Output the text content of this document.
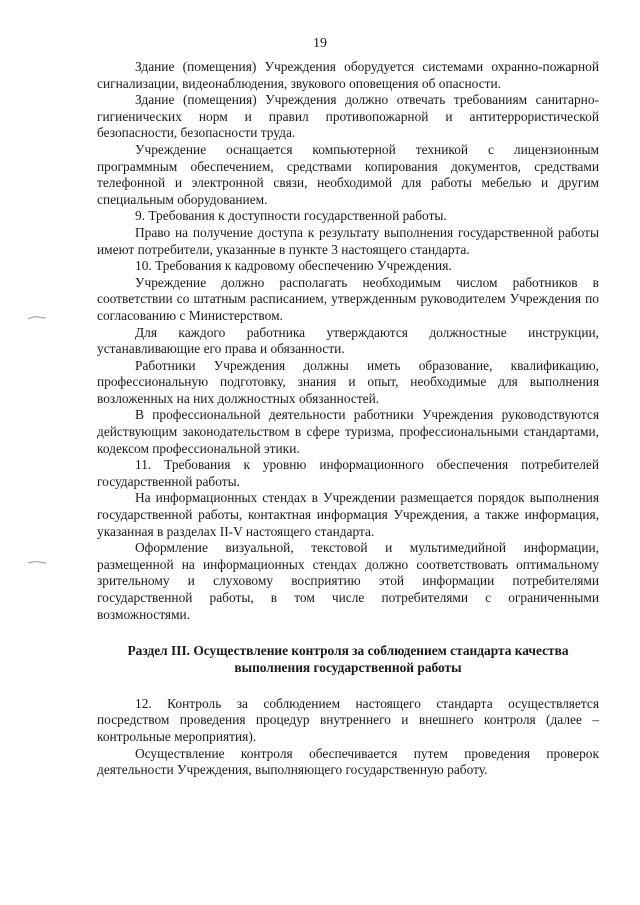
19

Здание (помещения) Учреждения оборудуется системами охранно-пожарной сигнализации, видеонаблюдения, звукового оповещения об опасности.

Здание (помещения) Учреждения должно отвечать требованиям санитарно-гигиенических норм и правил противопожарной и антитеррористической безопасности, безопасности труда.

Учреждение оснащается компьютерной техникой с лицензионным программным обеспечением, средствами копирования документов, средствами телефонной и электронной связи, необходимой для работы мебелью и другим специальным оборудованием.

9. Требования к доступности государственной работы.

Право на получение доступа к результату выполнения государственной работы имеют потребители, указанные в пункте 3 настоящего стандарта.

10. Требования к кадровому обеспечению Учреждения.

Учреждение должно располагать необходимым числом работников в соответствии со штатным расписанием, утвержденным руководителем Учреждения по согласованию с Министерством.

Для каждого работника утверждаются должностные инструкции, устанавливающие его права и обязанности.

Работники Учреждения должны иметь образование, квалификацию, профессиональную подготовку, знания и опыт, необходимые для выполнения возложенных на них должностных обязанностей.

В профессиональной деятельности работники Учреждения руководствуются действующим законодательством в сфере туризма, профессиональными стандартами, кодексом профессиональной этики.

11. Требования к уровню информационного обеспечения потребителей государственной работы.

На информационных стендах в Учреждении размещается порядок выполнения государственной работы, контактная информация Учреждения, а также информация, указанная в разделах II-V настоящего стандарта.

Оформление визуальной, текстовой и мультимедийной информации, размещенной на информационных стендах должно соответствовать оптимальному зрительному и слуховому восприятию этой информации потребителями государственной работы, в том числе потребителями с ограниченными возможностями.

Раздел III. Осуществление контроля за соблюдением стандарта качества выполнения государственной работы

12. Контроль за соблюдением настоящего стандарта осуществляется посредством проведения процедур внутреннего и внешнего контроля (далее – контрольные мероприятия).

Осуществление контроля обеспечивается путем проведения проверок деятельности Учреждения, выполняющего государственную работу.
